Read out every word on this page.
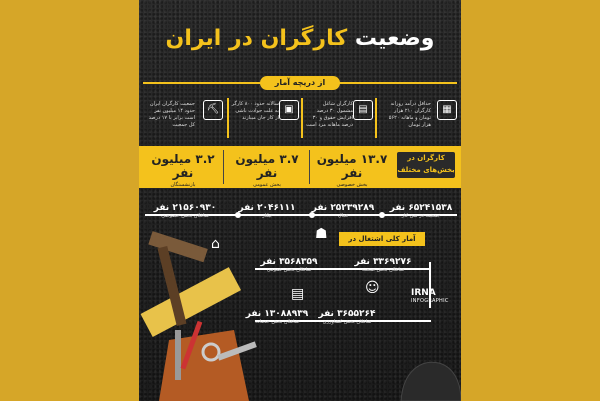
وضعیت کارگران در ایران
از دریچه آمار
▦
حداقل درآمد روزانه کارگران ۲۱۰ هزار تومان و ماهانه ۵۶۲۰ هزار تومان
▤
کارگران شاغل مشمول ۳۰ درصد افزایش حقوق و ۳۰ درصد ماهانه مزد است
▣
سالانه حدود ۸۰۰ کارگر به علت حوادث ناشی از کار جان میبازند
⛏
جمعیت کارگران ایران حدود ۱۴ میلیون نفر است برابر با ۱۷ درصد کل جمعیت
۱۳.۷ میلیون نفر
بخش خصوصی
۳.۷ میلیون نفر
بخش عمومی
۳.۲ میلیون نفر
بازنشستگان
کارگران در بخش‌های مختلف
۶۵۲۴۱۵۳۸ نفر
جمعیت در سن کار
۲۵۲۳۹۲۸۹ نفر
فعال
۲۰۴۶۱۱۱ نفر
بیکار
۲۱۵۶۰۹۳۰ نفر
شاغلان بخش خصوصی
آمار کلی اشتغال در ایران
⌂
☗
۳۳۶۹۲۷۶ نفر
شاغلان بخش صنعت
۳۵۶۸۳۵۹ نفر
شاغلان بخش عمومی
▤	☺	IRNA
INFOGRAPHIC
۳۶۵۵۲۶۴ نفر
شاغلان بخش کشاورزی
۱۳۰۸۸۹۳۹ نفر
شاغلان بخش خدمات
